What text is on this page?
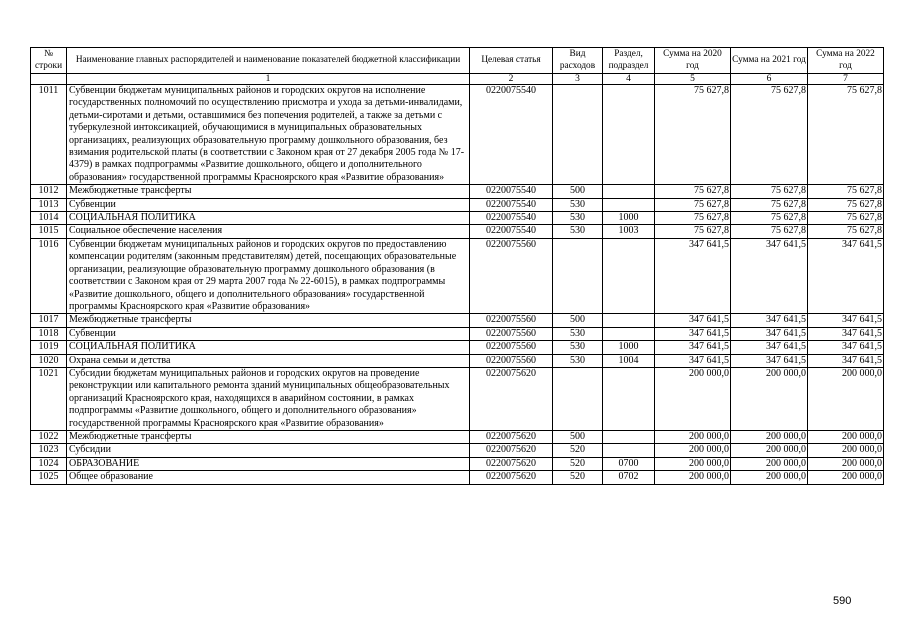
№ строки	Наименование главных распорядителей и наименование показателей бюджетной классификации	Целевая статья	Вид расходов	Раздел, подраздел	Сумма на 2020 год	Сумма на 2021 год	Сумма на 2022 год
	1	2	3	4	5	6	7
1011	Субвенции бюджетам муниципальных районов и городских округов на исполнение государственных полномочий по осуществлению присмотра и ухода за детьми-инвалидами, детьми-сиротами и детьми, оставшимися без попечения родителей, а также за детьми с туберкулезной интоксикацией, обучающимися в муниципальных образовательных организациях, реализующих образовательную программу дошкольного образования, без взимания родительской платы (в соответствии с Законом края от 27 декабря 2005 года № 17-4379) в рамках подпрограммы «Развитие дошкольного, общего и дополнительного образования» государственной программы Красноярского края «Развитие образования»	0220075540			75 627,8	75 627,8	75 627,8
1012	Межбюджетные трансферты	0220075540	500		75 627,8	75 627,8	75 627,8
1013	Субвенции	0220075540	530		75 627,8	75 627,8	75 627,8
1014	СОЦИАЛЬНАЯ ПОЛИТИКА	0220075540	530	1000	75 627,8	75 627,8	75 627,8
1015	Социальное обеспечение населения	0220075540	530	1003	75 627,8	75 627,8	75 627,8
1016	Субвенции бюджетам муниципальных районов и городских округов по предоставлению компенсации родителям (законным представителям) детей, посещающих образовательные организации, реализующие образовательную программу дошкольного образования (в соответствии с Законом края от 29 марта 2007 года № 22-6015), в рамках подпрограммы «Развитие дошкольного, общего и дополнительного образования» государственной программы Красноярского края «Развитие образования»	0220075560			347 641,5	347 641,5	347 641,5
1017	Межбюджетные трансферты	0220075560	500		347 641,5	347 641,5	347 641,5
1018	Субвенции	0220075560	530		347 641,5	347 641,5	347 641,5
1019	СОЦИАЛЬНАЯ ПОЛИТИКА	0220075560	530	1000	347 641,5	347 641,5	347 641,5
1020	Охрана семьи и детства	0220075560	530	1004	347 641,5	347 641,5	347 641,5
1021	Субсидии бюджетам муниципальных районов и городских округов на проведение реконструкции или капитального ремонта зданий муниципальных общеобразовательных организаций Красноярского края, находящихся в аварийном состоянии, в рамках подпрограммы «Развитие дошкольного, общего и дополнительного образования» государственной программы Красноярского края «Развитие образования»	0220075620			200 000,0	200 000,0	200 000,0
1022	Межбюджетные трансферты	0220075620	500		200 000,0	200 000,0	200 000,0
1023	Субсидии	0220075620	520		200 000,0	200 000,0	200 000,0
1024	ОБРАЗОВАНИЕ	0220075620	520	0700	200 000,0	200 000,0	200 000,0
1025	Общее образование	0220075620	520	0702	200 000,0	200 000,0	200 000,0
590
